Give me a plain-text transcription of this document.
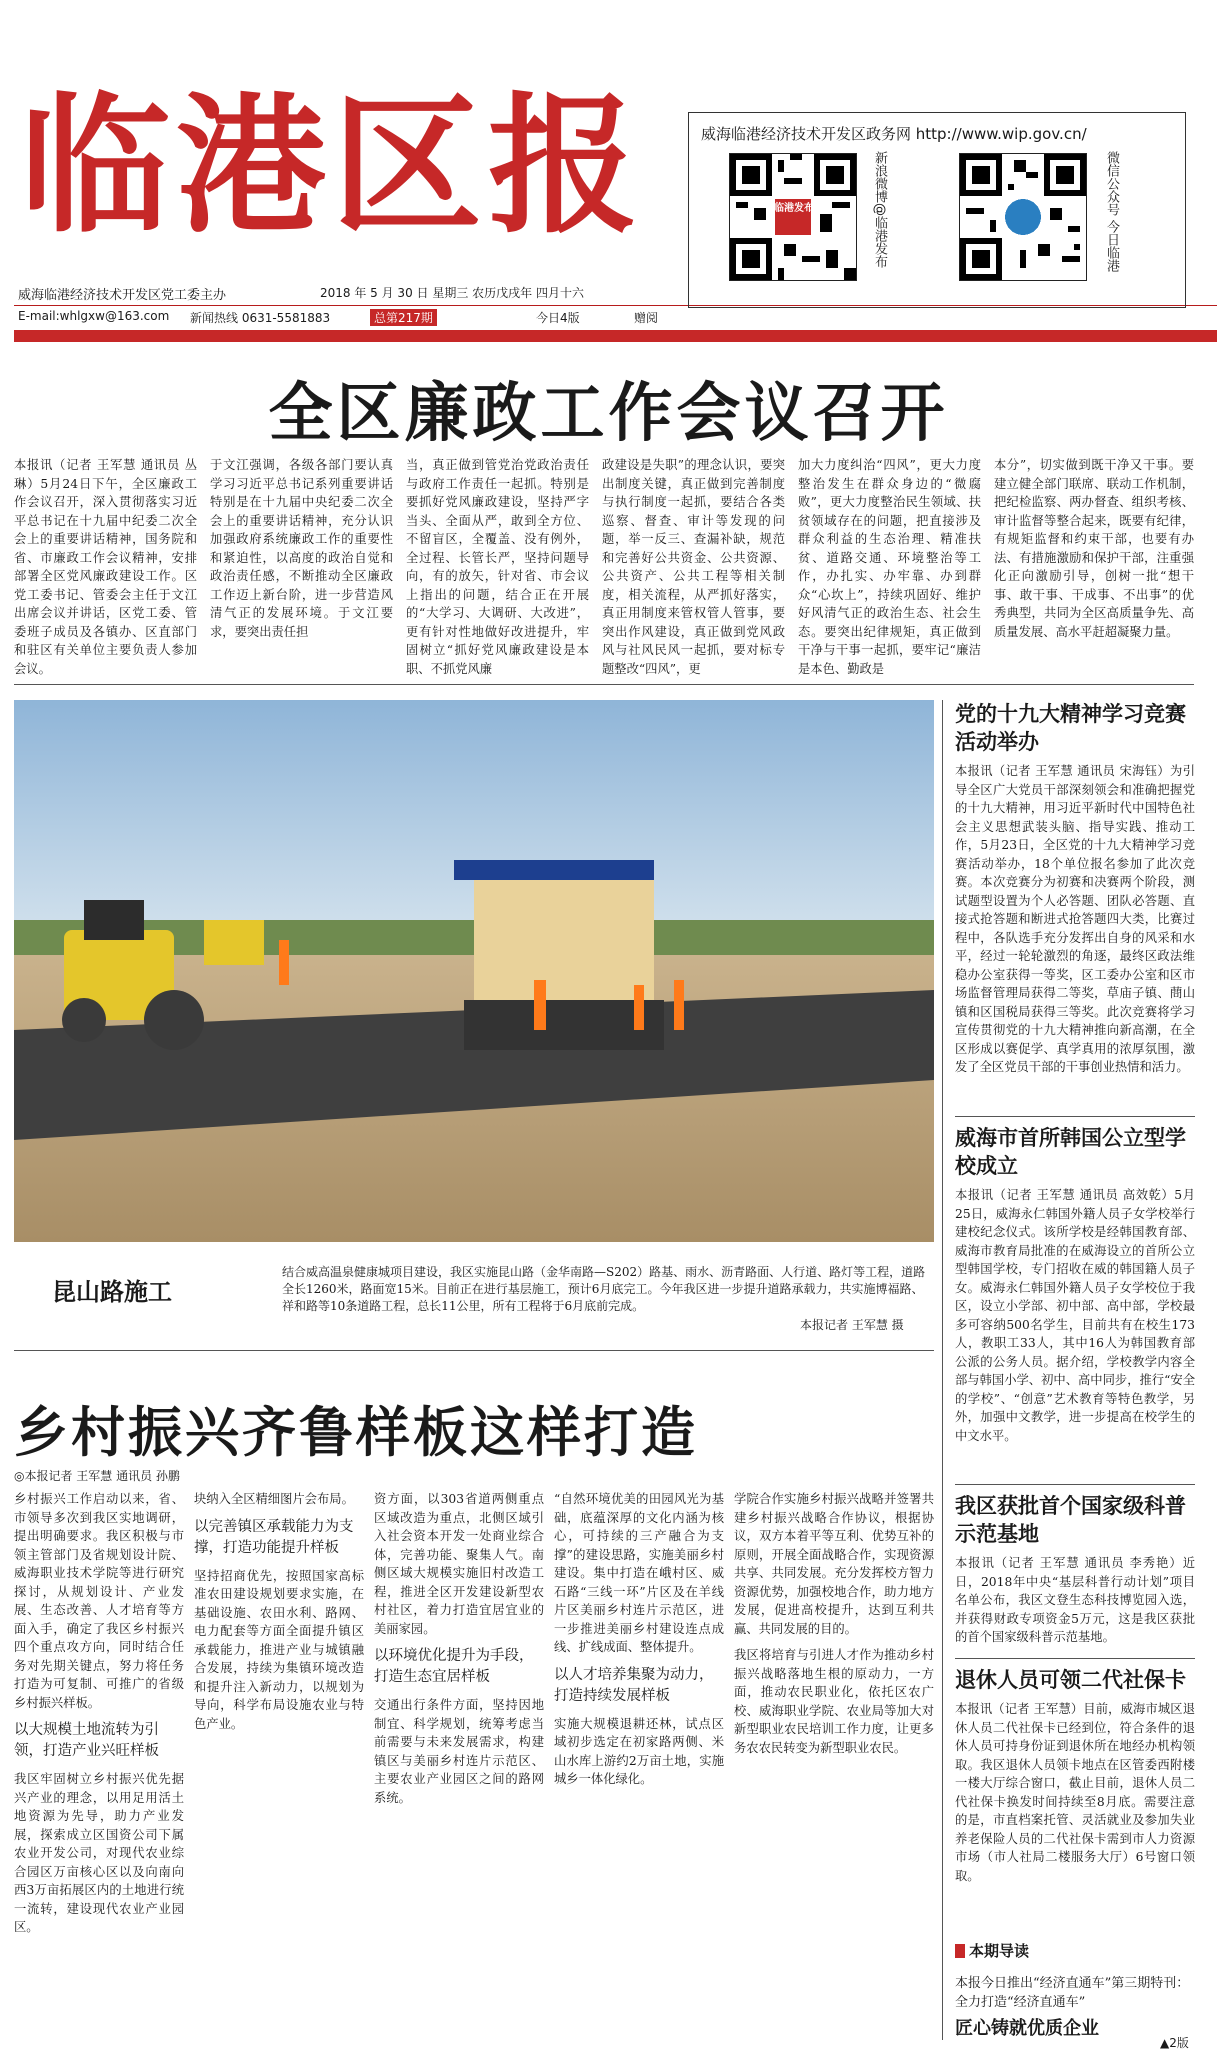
临港区报
威海临港经济技术开发区党工委主办	2018 年 5 月 30 日 星期三 农历戊戌年 四月十六
E-mail:whlgxw@163.com 新闻热线 0631-5581883	总第217期	今日4版	赠阅
威海临港经济技术开发区政务网 http://www.wip.gov.cn/
临港发布	新浪微博@临港发布	微信公众号 今日临港
全区廉政工作会议召开
本报讯（记者 王军慧 通讯员 丛琳）5月24日下午，全区廉政工作会议召开，深入贯彻落实习近平总书记在十九届中纪委二次全会上的重要讲话精神，国务院和省、市廉政工作会议精神，安排部署全区党风廉政建设工作。区党工委书记、管委会主任于文江出席会议并讲话，区党工委、管委班子成员及各镇办、区直部门和驻区有关单位主要负责人参加会议。
于文江强调，各级各部门要认真学习习近平总书记系列重要讲话特别是在十九届中央纪委二次全会上的重要讲话精神，充分认识加强政府系统廉政工作的重要性和紧迫性，以高度的政治自觉和政治责任感，不断推动全区廉政工作迈上新台阶，进一步营造风清气正的发展环境。于文江要求，要突出责任担
当，真正做到管党治党政治责任与政府工作责任一起抓。特别是要抓好党风廉政建设，坚持严字当头、全面从严，敢到全方位、不留盲区，全覆盖、没有例外，全过程、长管长严，坚持问题导向，有的放矢，针对省、市会议上指出的问题，结合正在开展的“大学习、大调研、大改进”，更有针对性地做好改进提升，牢固树立“抓好党风廉政建设是本职、不抓党风廉
政建设是失职”的理念认识，要突出制度关键，真正做到完善制度与执行制度一起抓，要结合各类巡察、督查、审计等发现的问题，举一反三、查漏补缺，规范和完善好公共资金、公共资源、公共资产、公共工程等相关制度，相关流程，从严抓好落实，真正用制度来管权管人管事，要突出作风建设，真正做到党风政风与社风民风一起抓，要对标专题整改“四风”，更
加大力度纠治“四风”，更大力度整治发生在群众身边的“微腐败”，更大力度整治民生领域、扶贫领域存在的问题，把直接涉及群众利益的生态治理、精准扶贫、道路交通、环境整治等工作，办扎实、办牢靠、办到群众“心坎上”，持续巩固好、维护好风清气正的政治生态、社会生态。要突出纪律规矩，真正做到干净与干事一起抓，要牢记“廉洁是本色、勤政是
本分”，切实做到既干净又干事。要建立健全部门联席、联动工作机制，把纪检监察、两办督查、组织考核、审计监督等整合起来，既要有纪律，有规矩监督和约束干部，也要有办法、有措施激励和保护干部，注重强化正向激励引导，创树一批“想干事、敢干事、干成事、不出事”的优秀典型，共同为全区高质量争先、高质量发展、高水平赶超凝聚力量。
昆山路施工
结合威高温泉健康城项目建设，我区实施昆山路（金华南路—S202）路基、雨水、沥青路面、人行道、路灯等工程，道路全长1260米，路面宽15米。目前正在进行基层施工，预计6月底完工。今年我区进一步提升道路承载力，共实施博福路、祥和路等10条道路工程，总长11公里，所有工程将于6月底前完成。
本报记者 王军慧 摄
党的十九大精神学习竞赛活动举办
本报讯（记者 王军慧 通讯员 宋海钰）为引导全区广大党员干部深刻领会和准确把握党的十九大精神，用习近平新时代中国特色社会主义思想武装头脑、指导实践、推动工作，5月23日，全区党的十九大精神学习竞赛活动举办，18个单位报名参加了此次竞赛。本次竞赛分为初赛和决赛两个阶段，测试题型设置为个人必答题、团队必答题、直接式抢答题和断进式抢答题四大类，比赛过程中，各队选手充分发挥出自身的风采和水平，经过一轮轮激烈的角逐，最终区政法维稳办公室获得一等奖，区工委办公室和区市场监督管理局获得二等奖，草庙子镇、蔄山镇和区国税局获得三等奖。此次竞赛将学习宣传贯彻党的十九大精神推向新高潮，在全区形成以赛促学、真学真用的浓厚氛围，激发了全区党员干部的干事创业热情和活力。
威海市首所韩国公立型学校成立
本报讯（记者 王军慧 通讯员 高效乾）5月25日，威海永仁韩国外籍人员子女学校举行建校纪念仪式。该所学校是经韩国教育部、威海市教育局批准的在威海设立的首所公立型韩国学校，专门招收在威的韩国籍人员子女。威海永仁韩国外籍人员子女学校位于我区，设立小学部、初中部、高中部，学校最多可容纳500名学生，目前共有在校生173人，教职工33人，其中16人为韩国教育部公派的公务人员。据介绍，学校教学内容全部与韩国小学、初中、高中同步，推行“安全的学校”、“创意”艺术教育等特色教学，另外，加强中文教学，进一步提高在校学生的中文水平。
我区获批首个国家级科普示范基地
本报讯（记者 王军慧 通讯员 李秀艳）近日，2018年中央“基层科普行动计划”项目名单公布，我区文登生态科技博览园入选，并获得财政专项资金5万元，这是我区获批的首个国家级科普示范基地。
退休人员可领二代社保卡
本报讯（记者 王军慧）目前，威海市城区退休人员二代社保卡已经到位，符合条件的退休人员可持身份证到退休所在地经办机构领取。我区退休人员领卡地点在区管委西附楼一楼大厅综合窗口，截止目前，退休人员二代社保卡换发时间持续至8月底。需要注意的是，市直档案托管、灵活就业及参加失业养老保险人员的二代社保卡需到市人力资源市场（市人社局二楼服务大厅）6号窗口领取。
本期导读
本报今日推出“经济直通车”第三期特刊：全力打造“经济直通车”
匠心铸就优质企业
▲2版
乡村振兴齐鲁样板这样打造
◎本报记者 王军慧 通讯员 孙鹏
乡村振兴工作启动以来，省、市领导多次到我区实地调研，提出明确要求。我区积极与市领主管部门及省规划设计院、威海职业技术学院等进行研究探讨，从规划设计、产业发展、生态改善、人才培育等方面入手，确定了我区乡村振兴四个重点攻方向，同时结合任务对先期关键点，努力将任务打造为可复制、可推广的省级乡村振兴样板。
以大规模土地流转为引领，打造产业兴旺样板
我区牢固树立乡村振兴优先据兴产业的理念，以用足用活土地资源为先导，助力产业发展，探索成立区国资公司下属农业开发公司，对现代农业综合园区万亩核心区以及向南向西3万亩拓展区内的土地进行统一流转，建设现代农业产业园区。
块纳入全区精细图片会布局。
以完善镇区承载能力为支撑，打造功能提升样板
坚持招商优先，按照国家高标准农田建设规划要求实施，在基础设施、农田水利、路网、电力配套等方面全面提升镇区承载能力，推进产业与城镇融合发展，持续为集镇环境改造和提升注入新动力，以规划为导向，科学布局设施农业与特色产业。
资方面，以303省道两侧重点区域改造为重点，北侧区域引入社会资本开发一处商业综合体，完善功能、聚集人气。南侧区域大规模实施旧村改造工程，推进全区开发建设新型农村社区，着力打造宜居宜业的美丽家园。
以环境优化提升为手段，打造生态宜居样板
交通出行条件方面，坚持因地制宜、科学规划，统筹考虑当前需要与未来发展需求，构建镇区与美丽乡村连片示范区、主要农业产业园区之间的路网系统。
“自然环境优美的田园风光为基础，底蕴深厚的文化内涵为核心，可持续的三产融合为支撑”的建设思路，实施美丽乡村建设。集中打造在峨村区、威石路“三线一环”片区及在羊线片区美丽乡村连片示范区，进一步推进美丽乡村建设连点成线、扩线成面、整体提升。
以人才培养集聚为动力，打造持续发展样板
实施大规模退耕还林，试点区域初步选定在初家路两侧、米山水库上游约2万亩土地，实施城乡一体化绿化。
学院合作实施乡村振兴战略并签署共建乡村振兴战略合作协议，根据协议，双方本着平等互利、优势互补的原则，开展全面战略合作，实现资源共享、共同发展。充分发挥校方智力资源优势，加强校地合作，助力地方发展，促进高校提升，达到互利共赢、共同发展的目的。
我区将培育与引进人才作为推动乡村振兴战略落地生根的原动力，一方面，推动农民职业化，依托区农广校、威海职业学院、农业局等加大对新型职业农民培训工作力度，让更多务农农民转变为新型职业农民。
